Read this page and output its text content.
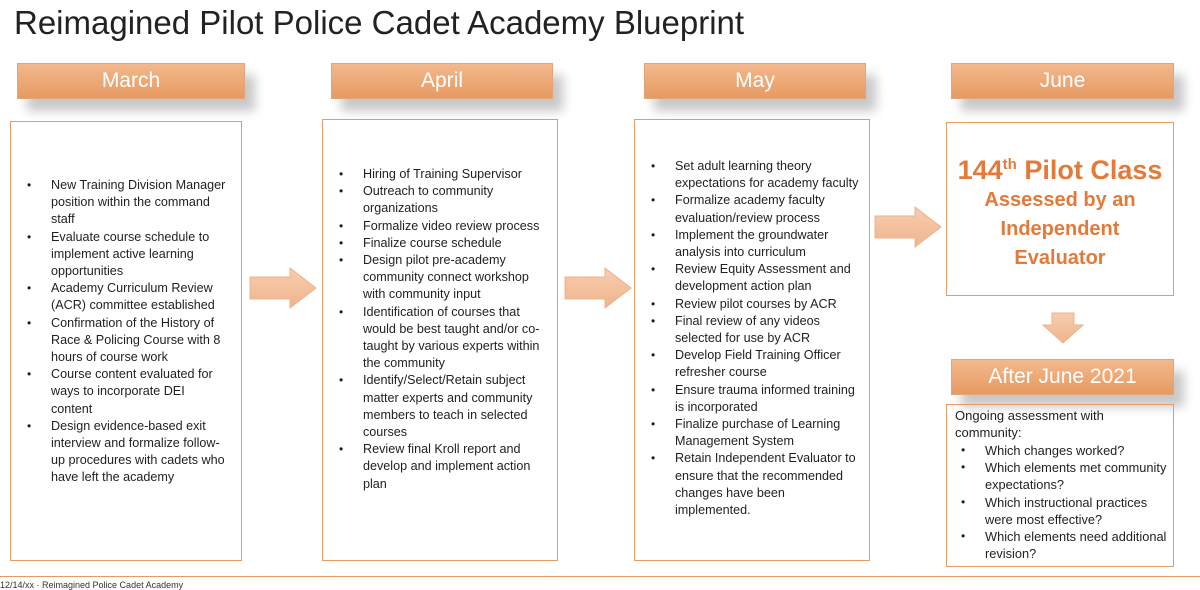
Reimagined Pilot Police Cadet Academy Blueprint
March	April	May	June
• New Training Division Manager position within the command staff
• Evaluate course schedule to implement active learning opportunities
• Academy Curriculum Review (ACR) committee established
• Confirmation of the History of Race & Policing Course with 8 hours of course work
• Course content evaluated for ways to incorporate DEI content
• Design evidence-based exit interview and formalize follow-up procedures with cadets who have left the academy
• Hiring of Training Supervisor
• Outreach to community organizations
• Formalize video review process
• Finalize course schedule
• Design pilot pre-academy community connect workshop with community input
• Identification of courses that would be best taught and/or co-taught by various experts within the community
• Identify/Select/Retain subject matter experts and community members to teach in selected courses
• Review final Kroll report and develop and implement action plan
• Set adult learning theory expectations for academy faculty
• Formalize academy faculty evaluation/review process
• Implement the groundwater analysis into curriculum
• Review Equity Assessment and development action plan
• Review pilot courses by ACR
• Final review of any videos selected for use by ACR
• Develop Field Training Officer refresher course
• Ensure trauma informed training is incorporated
• Finalize purchase of Learning Management System
• Retain Independent Evaluator to ensure that the recommended changes have been implemented.
144th Pilot Class
Assessed by an
Independent
Evaluator
After June 2021
Ongoing assessment with community:
• Which changes worked?
• Which elements met community expectations?
• Which instructional practices were most effective?
• Which elements need additional revision?
12/14/xx · Reimagined Police Cadet Academy
